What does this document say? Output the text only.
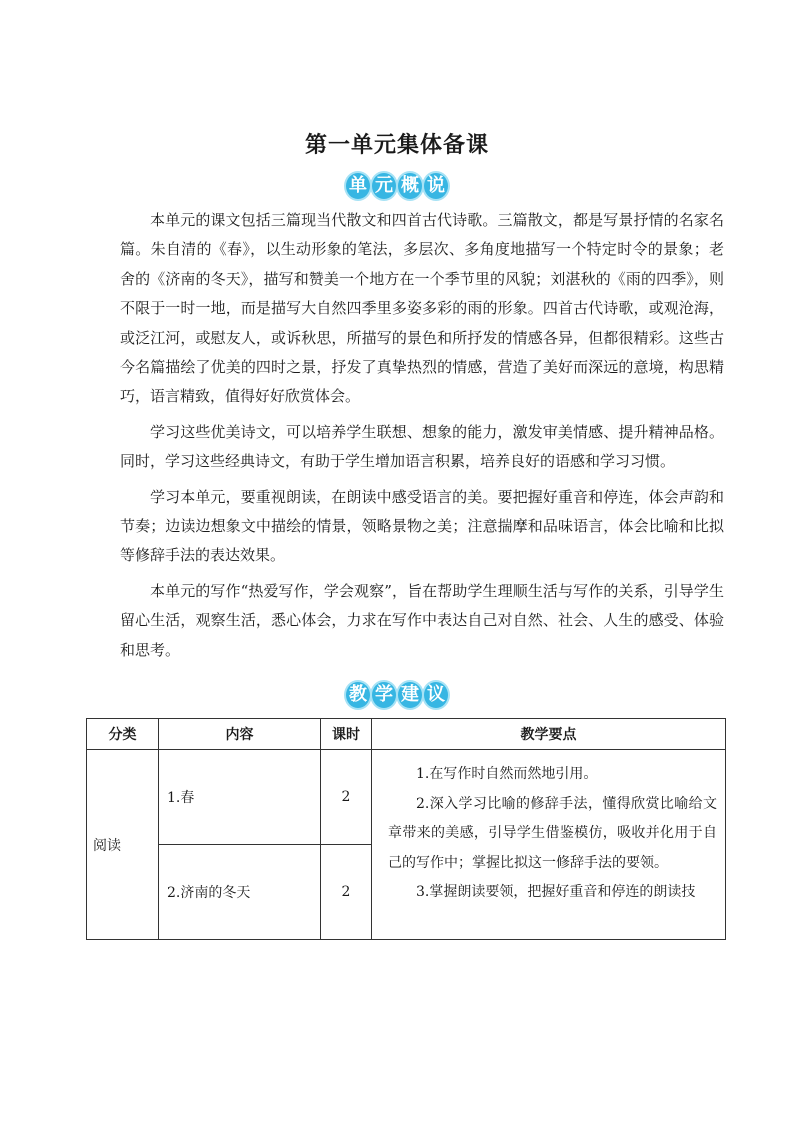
第一单元集体备课
单 元 概 说

本单元的课文包括三篇现当代散文和四首古代诗歌。三篇散文，都是写景抒情的名家名篇。朱自清的《春》，以生动形象的笔法，多层次、多角度地描写一个特定时令的景象；老舍的《济南的冬天》，描写和赞美一个地方在一个季节里的风貌；刘湛秋的《雨的四季》，则不限于一时一地，而是描写大自然四季里多姿多彩的雨的形象。四首古代诗歌，或观沧海，或泛江河，或慰友人，或诉秋思，所描写的景色和所抒发的情感各异，但都很精彩。这些古今名篇描绘了优美的四时之景，抒发了真挚热烈的情感，营造了美好而深远的意境，构思精巧，语言精致，值得好好欣赏体会。

学习这些优美诗文，可以培养学生联想、想象的能力，激发审美情感、提升精神品格。同时，学习这些经典诗文，有助于学生增加语言积累，培养良好的语感和学习习惯。

学习本单元，要重视朗读，在朗读中感受语言的美。要把握好重音和停连，体会声韵和节奏；边读边想象文中描绘的情景，领略景物之美；注意揣摩和品味语言，体会比喻和比拟等修辞手法的表达效果。

本单元的写作“热爱写作，学会观察”，旨在帮助学生理顺生活与写作的关系，引导学生留心生活，观察生活，悉心体会，力求在写作中表达自己对自然、社会、人生的感受、体验和思考。

教 学 建 议
分类	内容	课时	教学要点
阅读	1.春	2	1.在写作时自然而然地引用。

2.深入学习比喻的修辞手法，懂得欣赏比喻给文章带来的美感，引导学生借鉴模仿，吸收并化用于自己的写作中；掌握比拟这一修辞手法的要领。

3.掌握朗读要领，把握好重音和停连的朗读技

	2.济南的冬天	2	
